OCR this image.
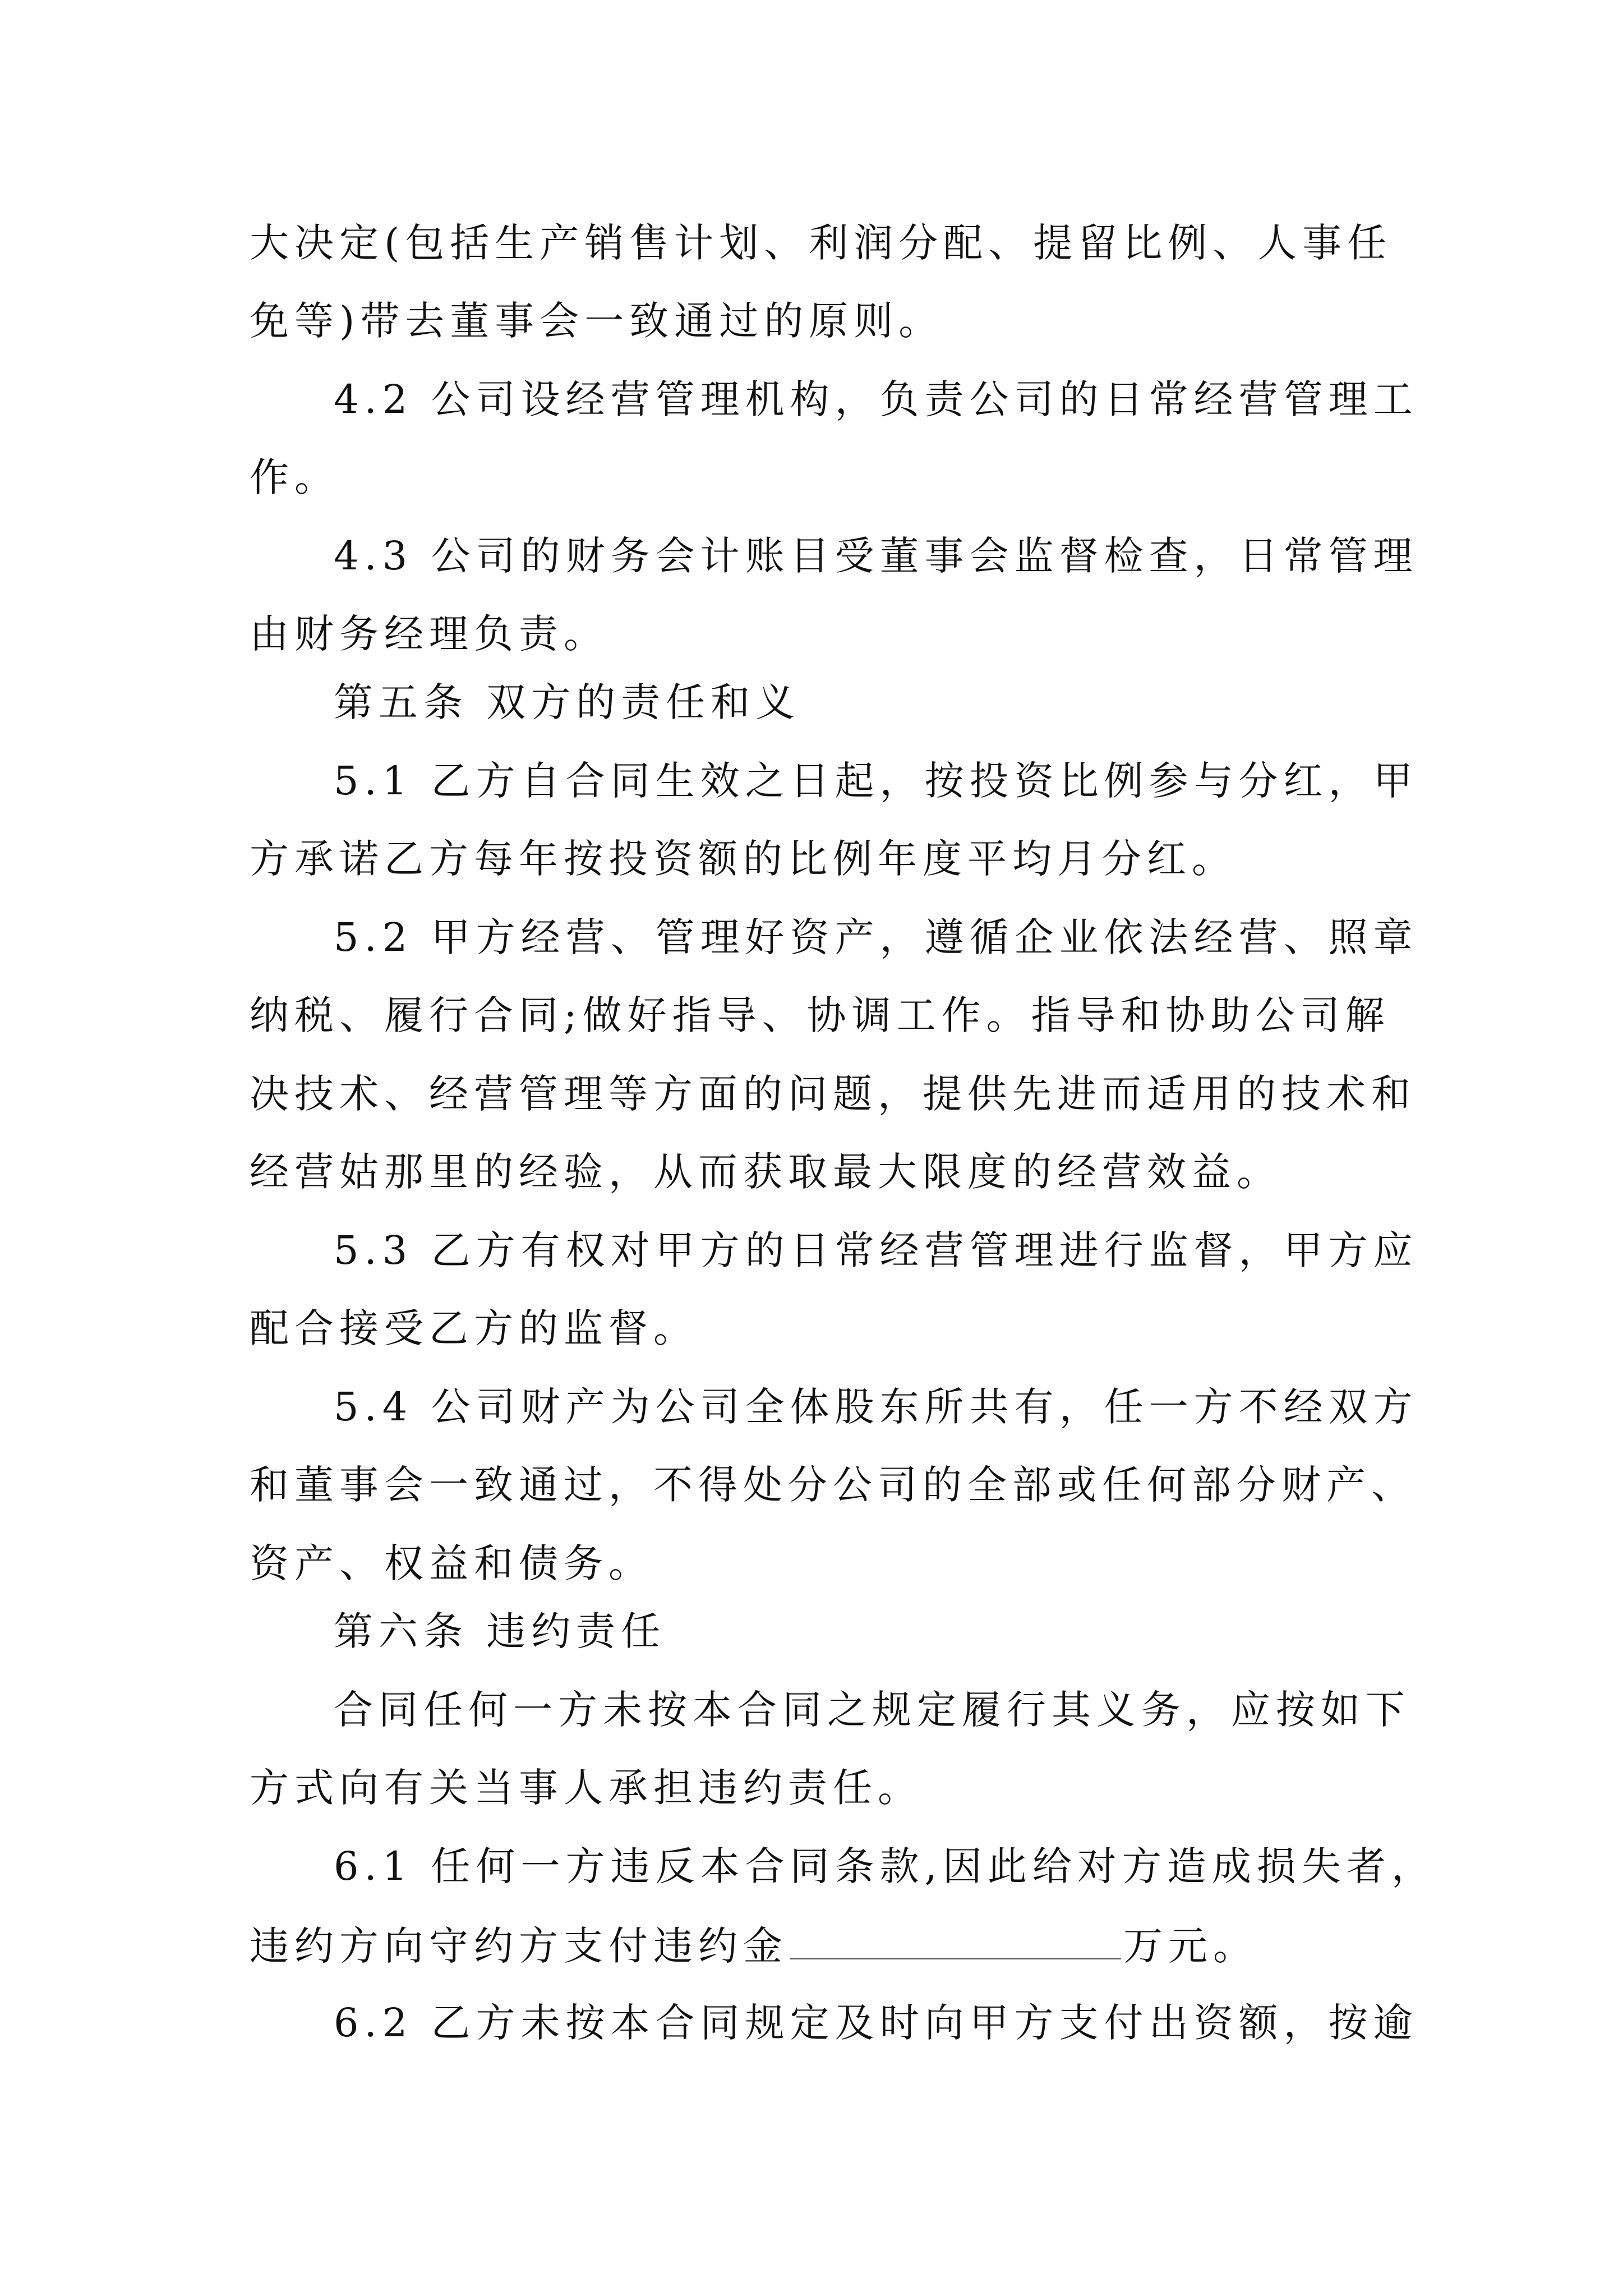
大决定(包括生产销售计划、利润分配、提留比例、人事任

免等)带去董事会一致通过的原则。

4.2 公司设经营管理机构，负责公司的日常经营管理工

作。

4.3 公司的财务会计账目受董事会监督检查，日常管理

由财务经理负责。

第五条 双方的责任和义

5.1 乙方自合同生效之日起，按投资比例参与分红，甲

方承诺乙方每年按投资额的比例年度平均月分红。

5.2 甲方经营、管理好资产，遵循企业依法经营、照章

纳税、履行合同;做好指导、协调工作。指导和协助公司解

决技术、经营管理等方面的问题，提供先进而适用的技术和

经营姑那里的经验，从而获取最大限度的经营效益。

5.3 乙方有权对甲方的日常经营管理进行监督，甲方应

配合接受乙方的监督。

5.4 公司财产为公司全体股东所共有，任一方不经双方

和董事会一致通过，不得处分公司的全部或任何部分财产、

资产、权益和债务。

第六条 违约责任

合同任何一方未按本合同之规定履行其义务，应按如下

方式向有关当事人承担违约责任。

6.1 任何一方违反本合同条款,因此给对方造成损失者，

违约方向守约方支付违约金	万元。

6.2 乙方未按本合同规定及时向甲方支付出资额，按逾
